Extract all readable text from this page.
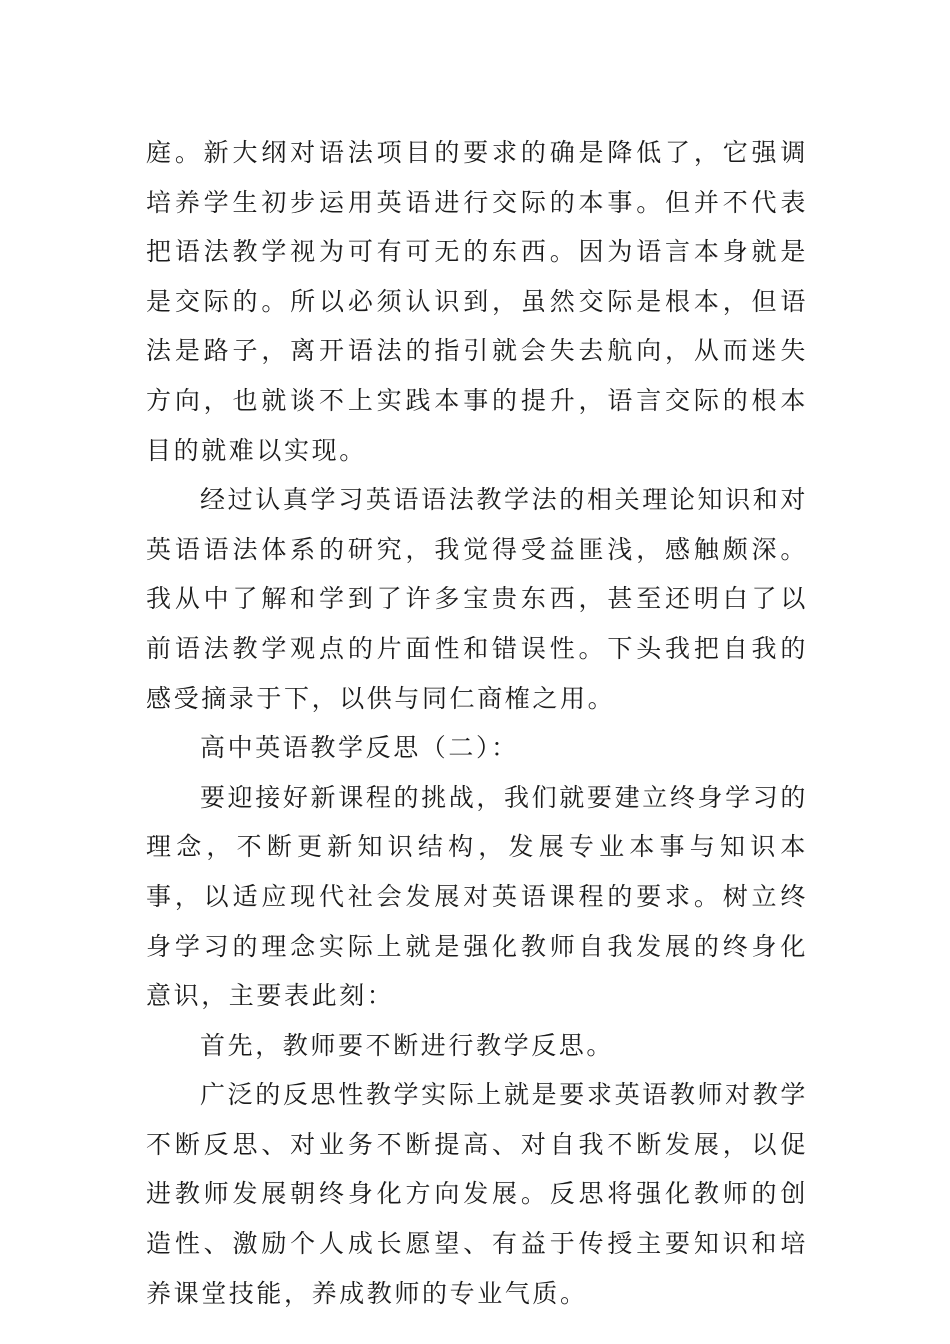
庭。新大纲对语法项目的要求的确是降低了，它强调培养学生初步运用英语进行交际的本事。但并不代表把语法教学视为可有可无的东西。因为语言本身就是是交际的。所以必须认识到，虽然交际是根本，但语法是路子，离开语法的指引就会失去航向，从而迷失方向，也就谈不上实践本事的提升，语言交际的根本目的就难以实现。

经过认真学习英语语法教学法的相关理论知识和对英语语法体系的研究，我觉得受益匪浅，感触颇深。我从中了解和学到了许多宝贵东西，甚至还明白了以前语法教学观点的片面性和错误性。下头我把自我的感受摘录于下，以供与同仁商榷之用。

高中英语教学反思（二）：

要迎接好新课程的挑战，我们就要建立终身学习的理念，不断更新知识结构，发展专业本事与知识本事，以适应现代社会发展对英语课程的要求。树立终身学习的理念实际上就是强化教师自我发展的终身化意识，主要表此刻：

首先，教师要不断进行教学反思。

广泛的反思性教学实际上就是要求英语教师对教学不断反思、对业务不断提高、对自我不断发展，以促进教师发展朝终身化方向发展。反思将强化教师的创造性、激励个人成长愿望、有益于传授主要知识和培养课堂技能，养成教师的专业气质。
